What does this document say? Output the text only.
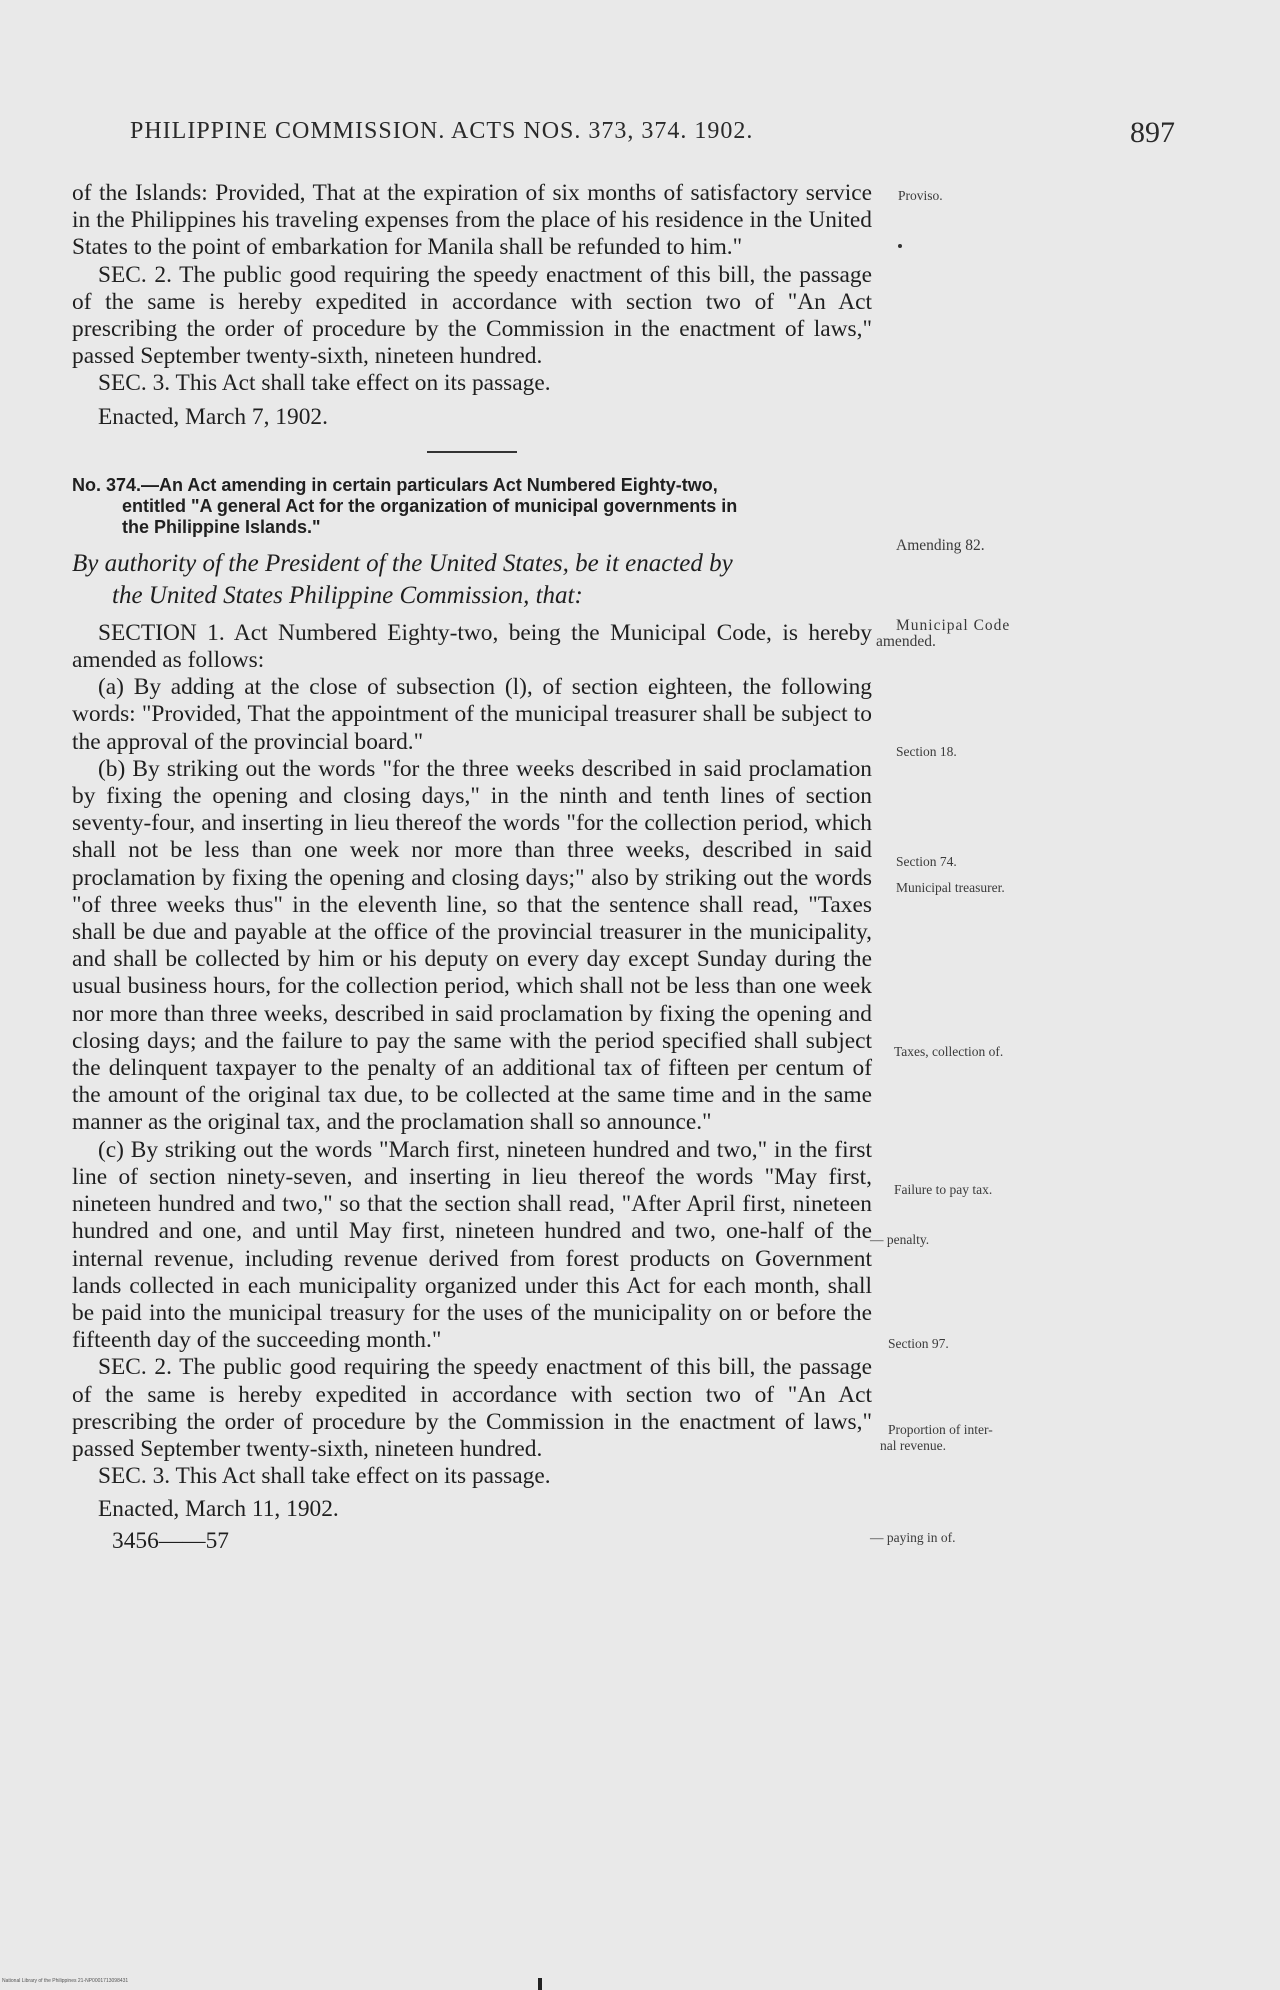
PHILIPPINE COMMISSION. ACTS NOS. 373, 374. 1902.	897

of the Islands: Provided, That at the expiration of six months of satisfactory service in the Philippines his traveling expenses from the place of his residence in the United States to the point of embarkation for Manila shall be refunded to him."

SEC. 2. The public good requiring the speedy enactment of this bill, the passage of the same is hereby expedited in accordance with section two of "An Act prescribing the order of procedure by the Commission in the enactment of laws," passed September twenty-sixth, nineteen hundred.

SEC. 3. This Act shall take effect on its passage.

Enacted, March 7, 1902.

No. 374.—An Act amending in certain particulars Act Numbered Eighty-two,
entitled "A general Act for the organization of municipal governments in
the Philippine Islands."

By authority of the President of the United States, be it enacted by
the United States Philippine Commission, that:

SECTION 1. Act Numbered Eighty-two, being the Municipal Code, is hereby amended as follows:

(a) By adding at the close of subsection (l), of section eighteen, the following words: "Provided, That the appointment of the municipal treasurer shall be subject to the approval of the provincial board."

(b) By striking out the words "for the three weeks described in said proclamation by fixing the opening and closing days," in the ninth and tenth lines of section seventy-four, and inserting in lieu thereof the words "for the collection period, which shall not be less than one week nor more than three weeks, described in said proclamation by fixing the opening and closing days;" also by striking out the words "of three weeks thus" in the eleventh line, so that the sentence shall read, "Taxes shall be due and payable at the office of the provincial treasurer in the municipality, and shall be collected by him or his deputy on every day except Sunday during the usual business hours, for the collection period, which shall not be less than one week nor more than three weeks, described in said proclamation by fixing the opening and closing days; and the failure to pay the same with the period specified shall subject the delinquent taxpayer to the penalty of an additional tax of fifteen per centum of the amount of the original tax due, to be collected at the same time and in the same manner as the original tax, and the proclamation shall so announce."

(c) By striking out the words "March first, nineteen hundred and two," in the first line of section ninety-seven, and inserting in lieu thereof the words "May first, nineteen hundred and two," so that the section shall read, "After April first, nineteen hundred and one, and until May first, nineteen hundred and two, one-half of the internal revenue, including revenue derived from forest products on Government lands collected in each municipality organized under this Act for each month, shall be paid into the municipal treasury for the uses of the municipality on or before the fifteenth day of the succeeding month."

SEC. 2. The public good requiring the speedy enactment of this bill, the passage of the same is hereby expedited in accordance with section two of "An Act prescribing the order of procedure by the Commission in the enactment of laws," passed September twenty-sixth, nineteen hundred.

SEC. 3. This Act shall take effect on its passage.

Enacted, March 11, 1902.

3456——57

Proviso.
Amending 82.
Municipal Code
amended.
Section 18.
Section 74.
Municipal treasurer.
Taxes, collection of.
Failure to pay tax.
— penalty.
Section 97.
Proportion of inter-
nal revenue.
— paying in of.
National Library of the Philippines 21-NP0001713098431
